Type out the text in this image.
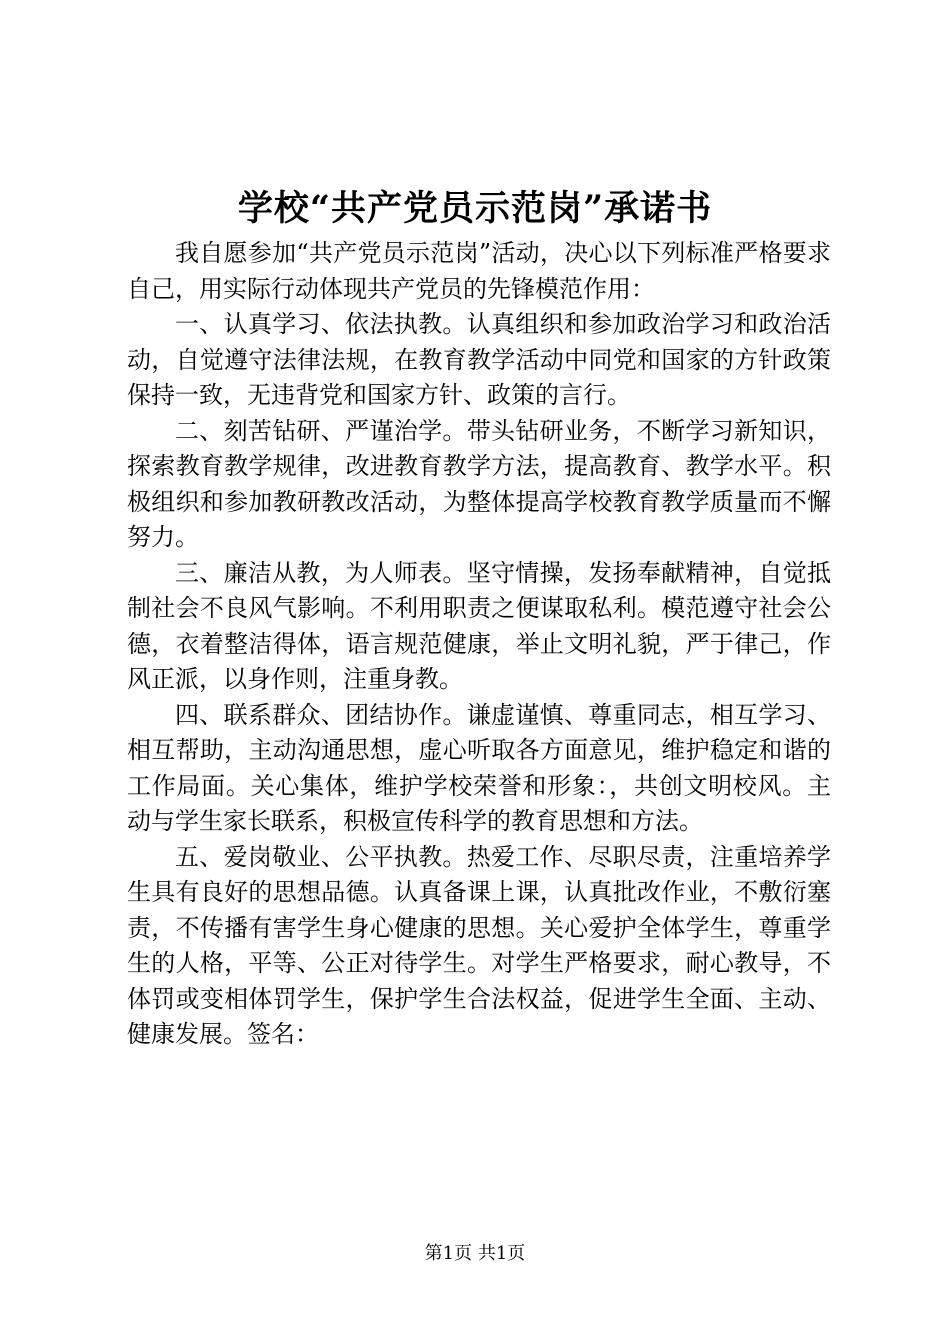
学校“共产党员示范岗”承诺书

我自愿参加“共产党员示范岗”活动，决心以下列标准严格要求自己，用实际行动体现共产党员的先锋模范作用：

一、认真学习、依法执教。认真组织和参加政治学习和政治活动，自觉遵守法律法规，在教育教学活动中同党和国家的方针政策保持一致，无违背党和国家方针、政策的言行。

二、刻苦钻研、严谨治学。带头钻研业务，不断学习新知识，探索教育教学规律，改进教育教学方法，提高教育、教学水平。积极组织和参加教研教改活动，为整体提高学校教育教学质量而不懈努力。

三、廉洁从教，为人师表。坚守情操，发扬奉献精神，自觉抵制社会不良风气影响。不利用职责之便谋取私利。模范遵守社会公德，衣着整洁得体，语言规范健康，举止文明礼貌，严于律己，作风正派，以身作则，注重身教。

四、联系群众、团结协作。谦虚谨慎、尊重同志，相互学习、相互帮助，主动沟通思想，虚心听取各方面意见，维护稳定和谐的工作局面。关心集体，维护学校荣誉和形象：，共创文明校风。主动与学生家长联系，积极宣传科学的教育思想和方法。

五、爱岗敬业、公平执教。热爱工作、尽职尽责，注重培养学生具有良好的思想品德。认真备课上课，认真批改作业，不敷衍塞责，不传播有害学生身心健康的思想。关心爱护全体学生，尊重学生的人格，平等、公正对待学生。对学生严格要求，耐心教导，不体罚或变相体罚学生，保护学生合法权益，促进学生全面、主动、健康发展。签名：

第1页 共1页
